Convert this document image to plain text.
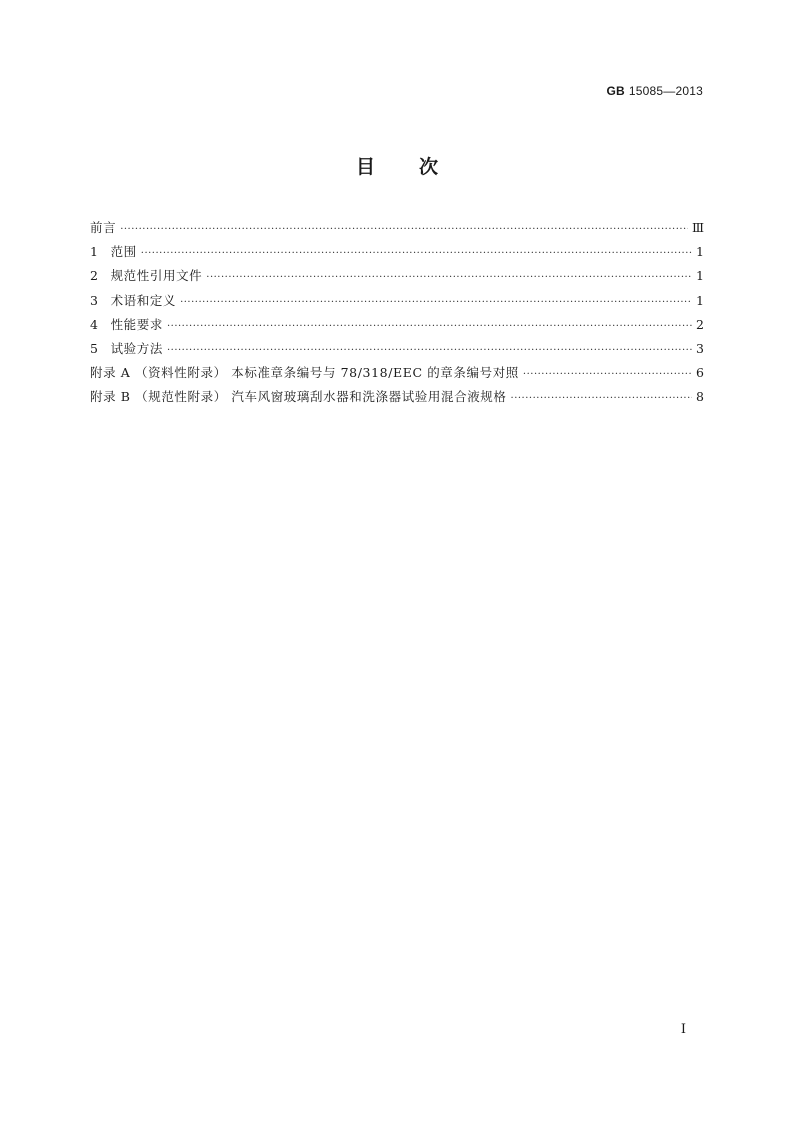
GB 15085—2013
目次
前言 ·····	Ⅲ
1 范围 ·····	1
2 规范性引用文件 ·····	1
3 术语和定义 ·····	1
4 性能要求 ·····	2
5 试验方法 ·····	3
附录 A （资料性附录） 本标准章条编号与 78/318/EEC 的章条编号对照 ·····	6
附录 B （规范性附录） 汽车风窗玻璃刮水器和洗涤器试验用混合液规格 ·····	8
I
